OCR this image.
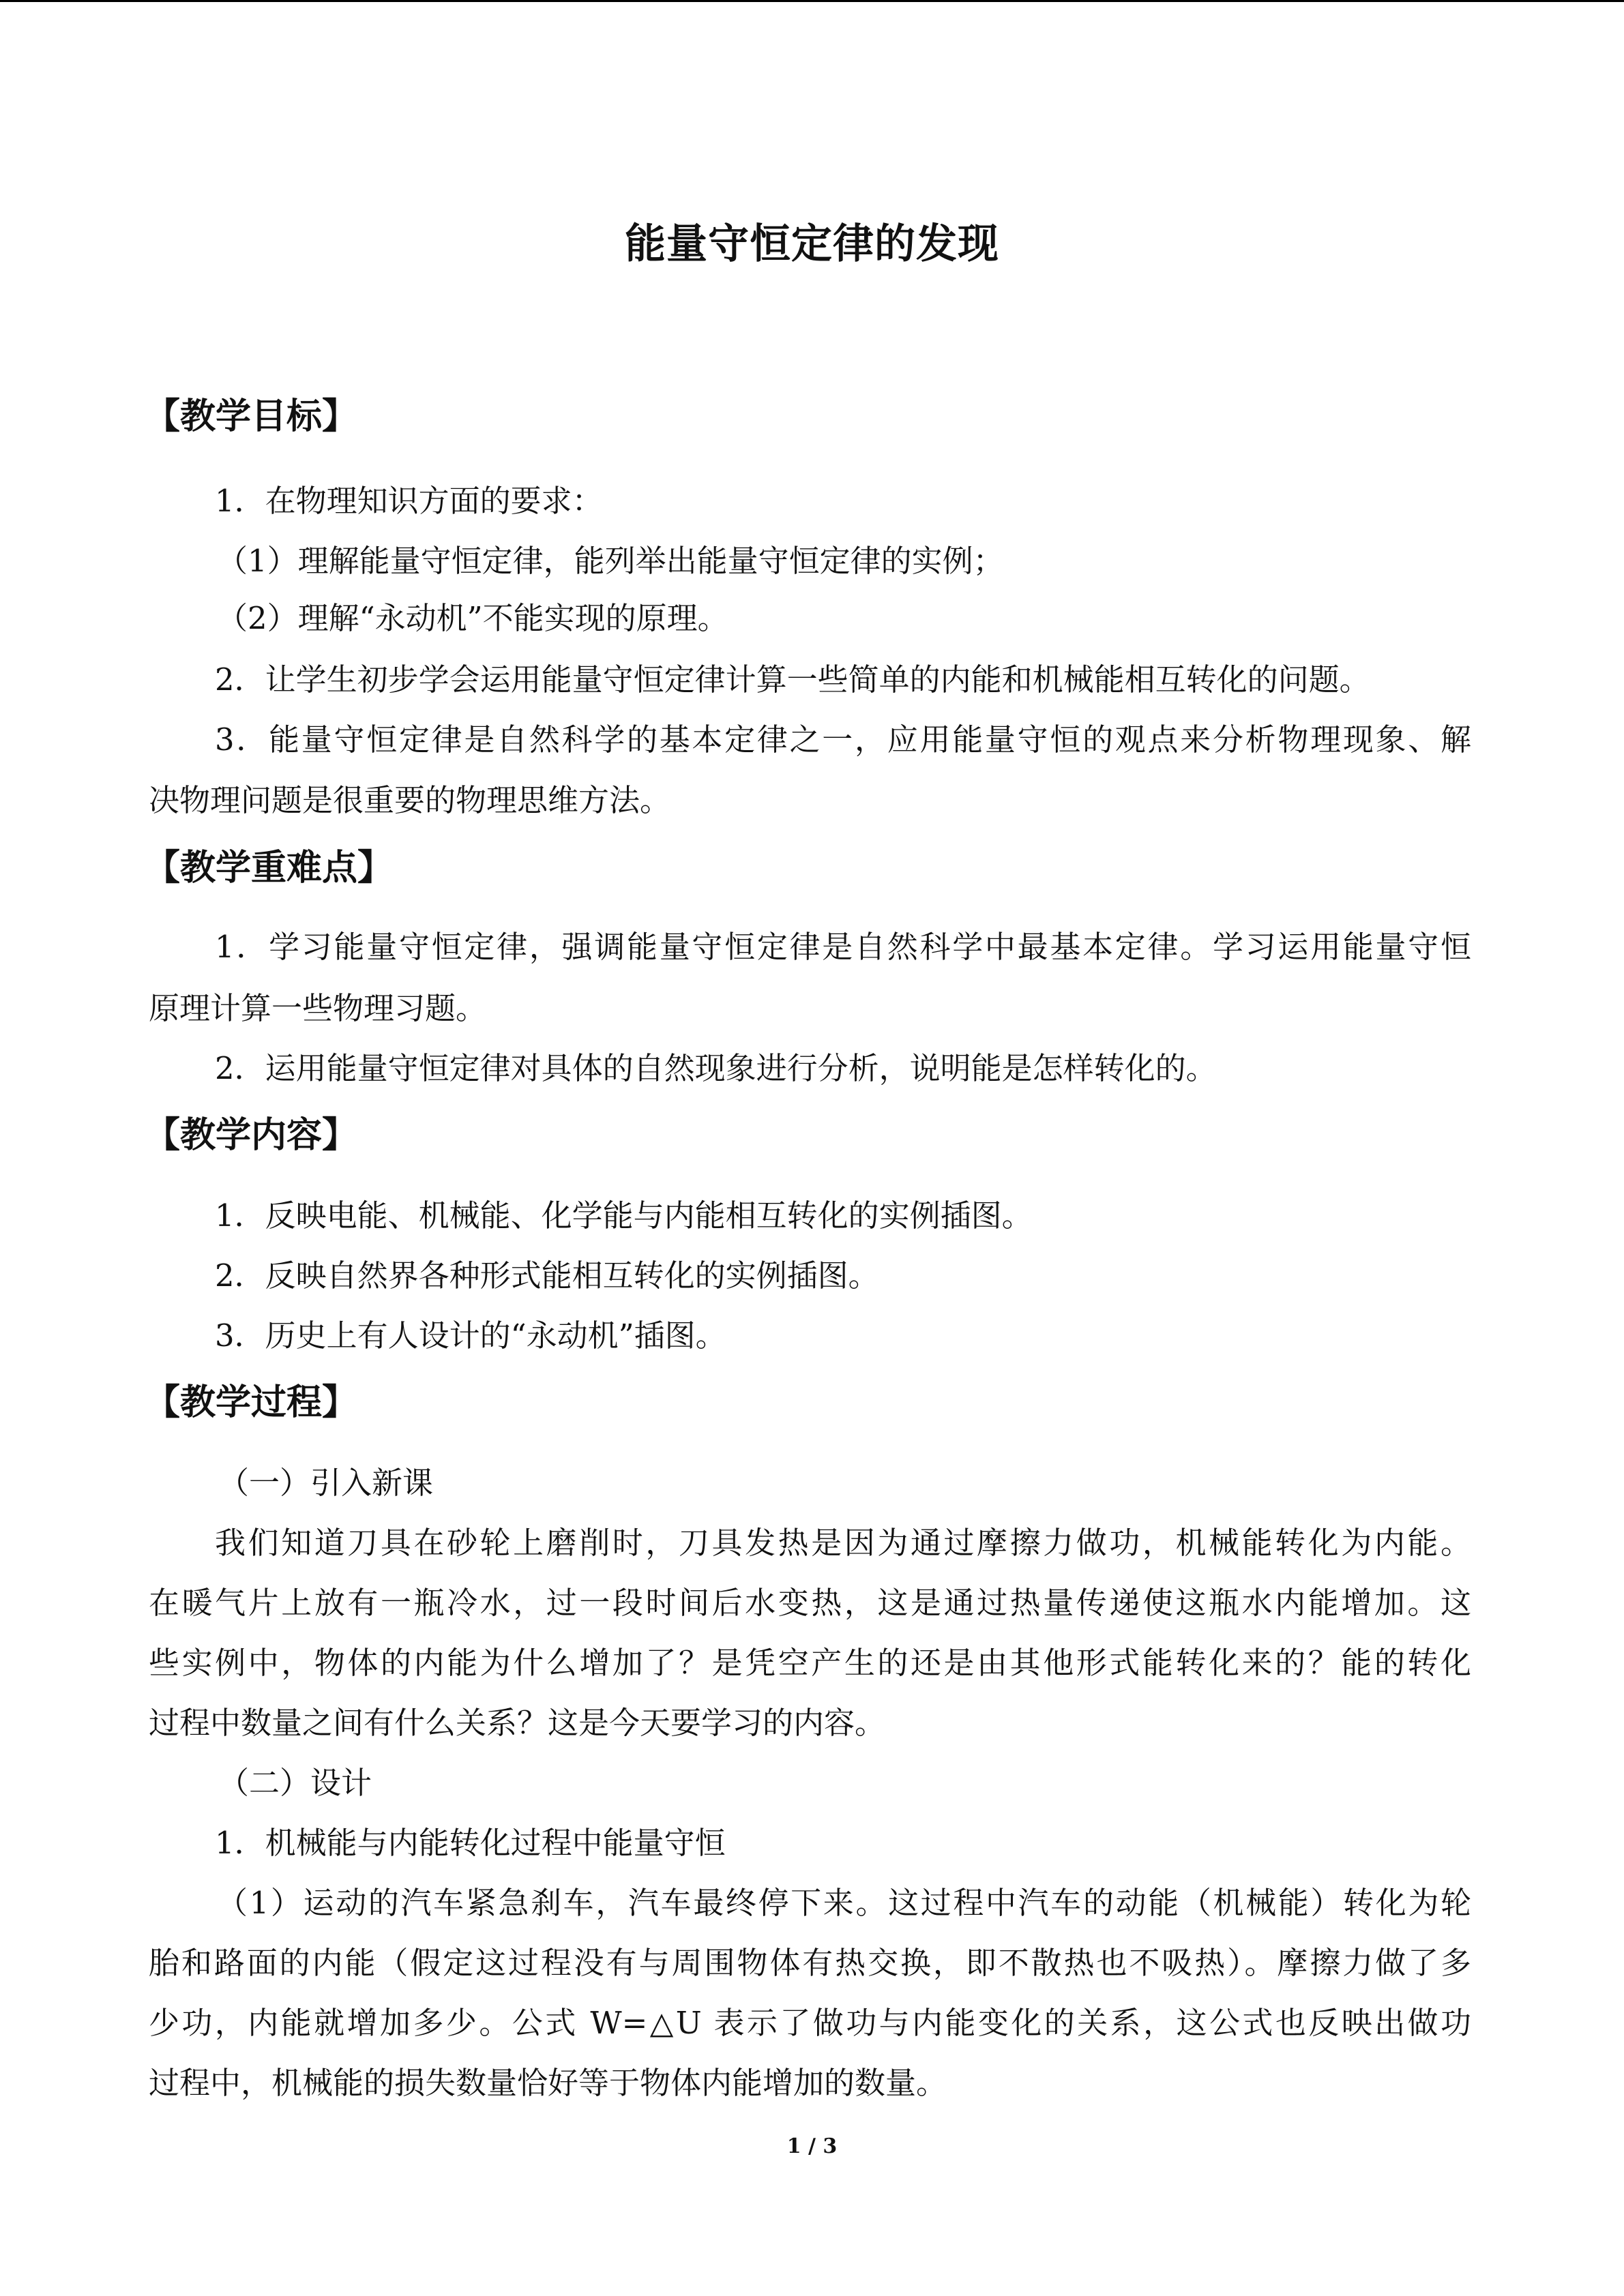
能量守恒定律的发现
【教学目标】
1．在物理知识方面的要求：
（1）理解能量守恒定律，能列举出能量守恒定律的实例；
（2）理解“永动机”不能实现的原理。
2．让学生初步学会运用能量守恒定律计算一些简单的内能和机械能相互转化的问题。
3．能量守恒定律是自然科学的基本定律之一，应用能量守恒的观点来分析物理现象、解
决物理问题是很重要的物理思维方法。
【教学重难点】
1．学习能量守恒定律，强调能量守恒定律是自然科学中最基本定律。学习运用能量守恒
原理计算一些物理习题。
2．运用能量守恒定律对具体的自然现象进行分析，说明能是怎样转化的。
【教学内容】
1．反映电能、机械能、化学能与内能相互转化的实例插图。
2．反映自然界各种形式能相互转化的实例插图。
3．历史上有人设计的“永动机”插图。
【教学过程】
（一）引入新课
我们知道刀具在砂轮上磨削时，刀具发热是因为通过摩擦力做功，机械能转化为内能。
在暖气片上放有一瓶冷水，过一段时间后水变热，这是通过热量传递使这瓶水内能增加。这
些实例中，物体的内能为什么增加了？是凭空产生的还是由其他形式能转化来的？能的转化
过程中数量之间有什么关系？这是今天要学习的内容。
（二）设计
1．机械能与内能转化过程中能量守恒
（1）运动的汽车紧急刹车，汽车最终停下来。这过程中汽车的动能（机械能）转化为轮
胎和路面的内能（假定这过程没有与周围物体有热交换，即不散热也不吸热）。摩擦力做了多
少功，内能就增加多少。公式 W=△U 表示了做功与内能变化的关系，这公式也反映出做功
过程中，机械能的损失数量恰好等于物体内能增加的数量。
1 / 3
